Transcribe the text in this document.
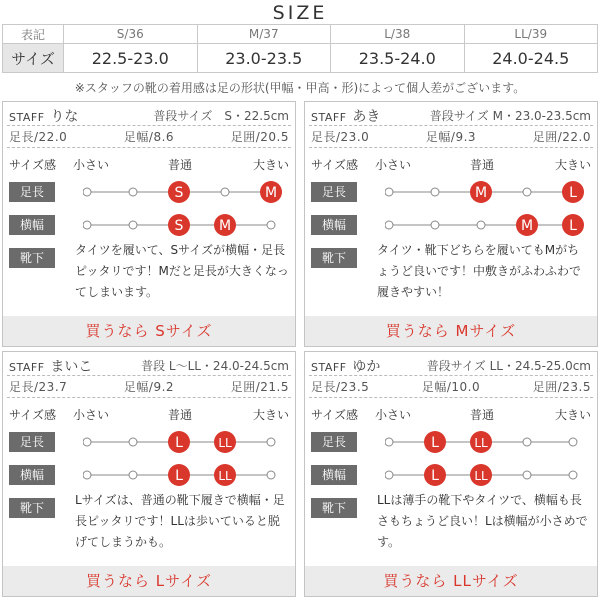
SIZE
表記	S/36	M/37	L/38	LL/39
サイズ	22.5-23.0	23.0-23.5	23.5-24.0	24.0-24.5
※スタッフの靴の着用感は足の形状(甲幅・甲高・形)によって個人差がございます。
STAFF りな	普段サイズ　S・22.5cm
足長/22.0	足幅/8.6	足囲/20.5
サイズ感 小さい	普通	大きい
足長	S	M
横幅	S	M
靴下
タイツを履いて、Sサイズが横幅・足長ピッタリです！Mだと足長が大きくなってしまいます。
買うなら Sサイズ
STAFF あき	普段サイズ M・23.0-23.5cm
足長/23.0	足幅/9.3	足囲/22.0
サイズ感 小さい	普通	大きい
足長	M	L
横幅	M	L
靴下
タイツ・靴下どちらを履いてもMがちょうど良いです！中敷きがふわふわで履きやすい！
買うなら Mサイズ
STAFF まいこ	普段 L～LL・24.0-24.5cm
足長/23.7	足幅/9.2	足囲/21.5
サイズ感 小さい	普通	大きい
足長	L	LL
横幅	L	LL
靴下
Lサイズは、普通の靴下履きで横幅・足長ピッタリです！LLは歩いていると脱げてしまうかも。
買うなら Lサイズ
STAFF ゆか	普段サイズ LL・24.5-25.0cm
足長/23.5	足幅/10.0	足囲/23.5
サイズ感 小さい	普通	大きい
足長	L	LL
横幅	L	LL
靴下
LLは薄手の靴下やタイツで、横幅も長さもちょうど良い！Lは横幅が小さめです。
買うなら LLサイズ
